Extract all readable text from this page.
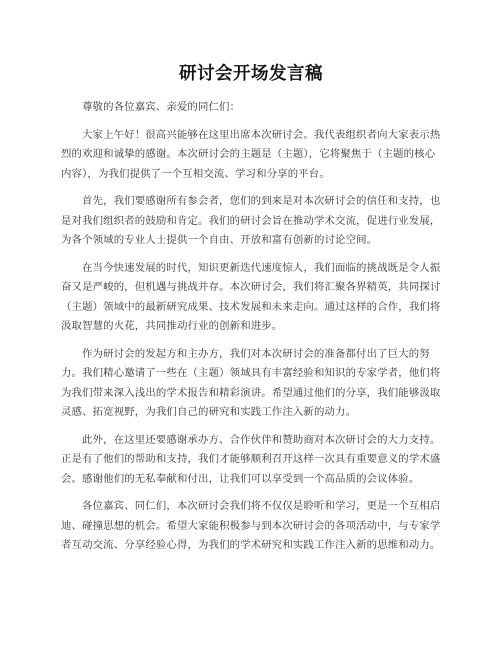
研讨会开场发言稿

尊敬的各位嘉宾、亲爱的同仁们：

大家上午好！很高兴能够在这里出席本次研讨会。我代表组织者向大家表示热烈的欢迎和诚挚的感谢。本次研讨会的主题是（主题），它将聚焦于（主题的核心内容），为我们提供了一个互相交流、学习和分享的平台。

首先，我们要感谢所有参会者，您们的到来是对本次研讨会的信任和支持，也是对我们组织者的鼓励和肯定。我们的研讨会旨在推动学术交流，促进行业发展，为各个领域的专业人士提供一个自由、开放和富有创新的讨论空间。

在当今快速发展的时代，知识更新迭代速度惊人，我们面临的挑战既是令人振奋又是严峻的，但机遇与挑战并存。本次研讨会，我们将汇聚各界精英，共同探讨（主题）领域中的最新研究成果、技术发展和未来走向。通过这样的合作，我们将汲取智慧的火花，共同推动行业的创新和进步。

作为研讨会的发起方和主办方，我们对本次研讨会的准备都付出了巨大的努力。我们精心邀请了一些在（主题）领域具有丰富经验和知识的专家学者，他们将为我们带来深入浅出的学术报告和精彩演讲。希望通过他们的分享，我们能够汲取灵感、拓宽视野，为我们自己的研究和实践工作注入新的动力。

此外，在这里还要感谢承办方、合作伙伴和赞助商对本次研讨会的大力支持。正是有了他们的帮助和支持，我们才能够顺利召开这样一次具有重要意义的学术盛会。感谢他们的无私奉献和付出，让我们可以享受到一个高品质的会议体验。

各位嘉宾、同仁们，本次研讨会我们将不仅仅是聆听和学习，更是一个互相启迪、碰撞思想的机会。希望大家能积极参与到本次研讨会的各项活动中，与专家学者互动交流、分享经验心得，为我们的学术研究和实践工作注入新的思维和动力。
